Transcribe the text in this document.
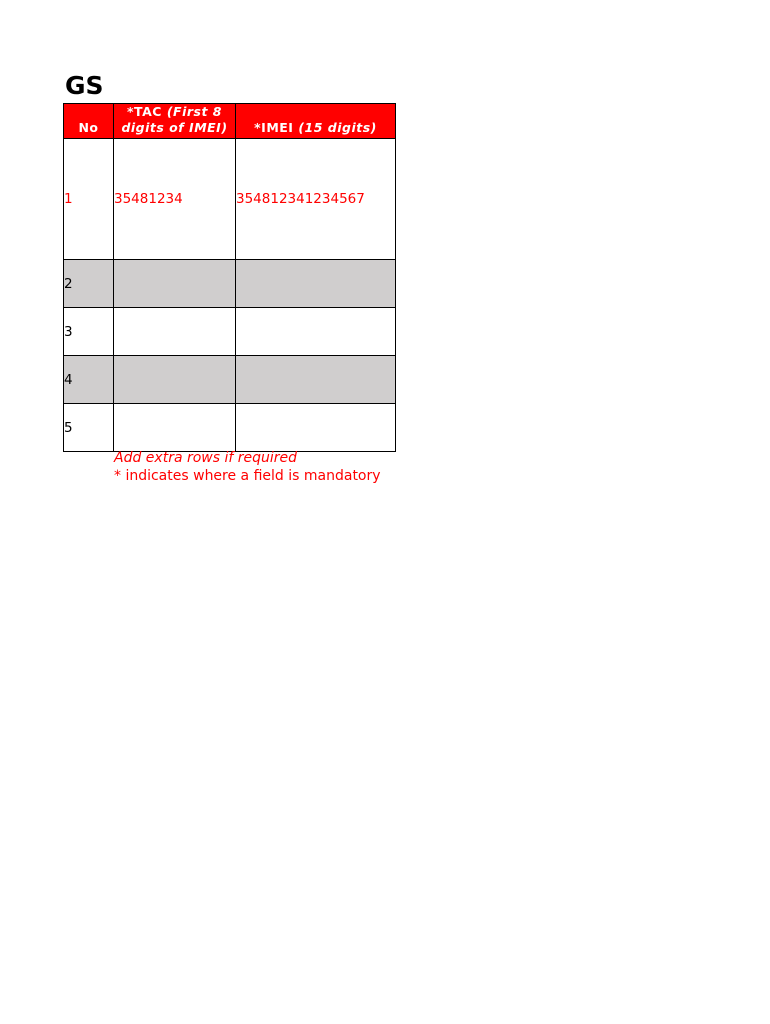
GS
No	*TAC (First 8 digits of IMEI)	*IMEI (15 digits)
1	35481234	354812341234567
2		
3		
4		
5		

Add extra rows if required

* indicates where a field is mandatory
